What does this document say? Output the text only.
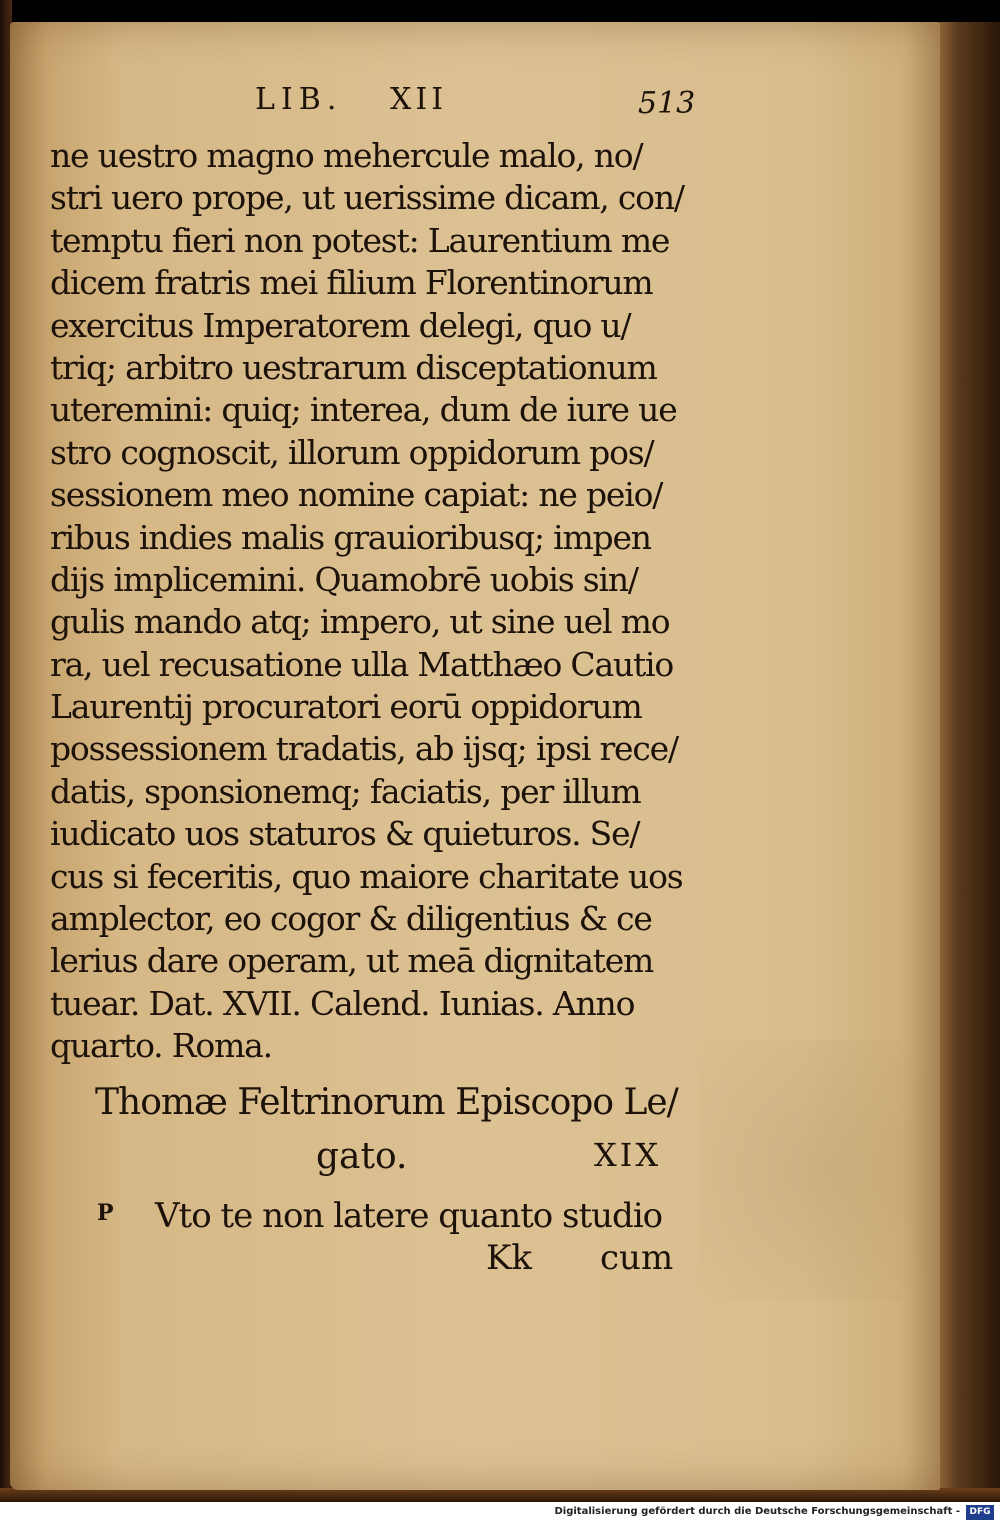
LIB. XII	513
ne uestro magno mehercule malo, no/
stri uero prope, ut uerissime dicam, con/
temptu fieri non potest: Laurentium me
dicem fratris mei filium Florentinorum
exercitus Imperatorem delegi, quo u/
triq; arbitro uestrarum disceptationum
uteremini: quiq; interea, dum de iure ue
stro cognoscit, illorum oppidorum pos/
sessionem meo nomine capiat: ne peio/
ribus indies malis grauioribusq; impen
dijs implicemini. Quamobrē uobis sin/
gulis mando atq; impero, ut sine uel mo
ra, uel recusatione ulla Matthæo Cautio
Laurentij procuratori eorū oppidorum
possessionem tradatis, ab ijsq; ipsi rece/
datis, sponsionemq; faciatis, per illum
iudicato uos staturos & quieturos. Se/
cus si feceritis, quo maiore charitate uos
amplector, eo cogor & diligentius & ce
lerius dare operam, ut meā dignitatem
tuear. Dat. XVII. Calend. Iunias. Anno
quarto. Roma.
Thomæ Feltrinorum Episcopo Le/
gato.	XIX
P Vto te non latere quanto studio
Kk cum
Digitalisierung gefördert durch die Deutsche Forschungsgemeinschaft -	DFG
